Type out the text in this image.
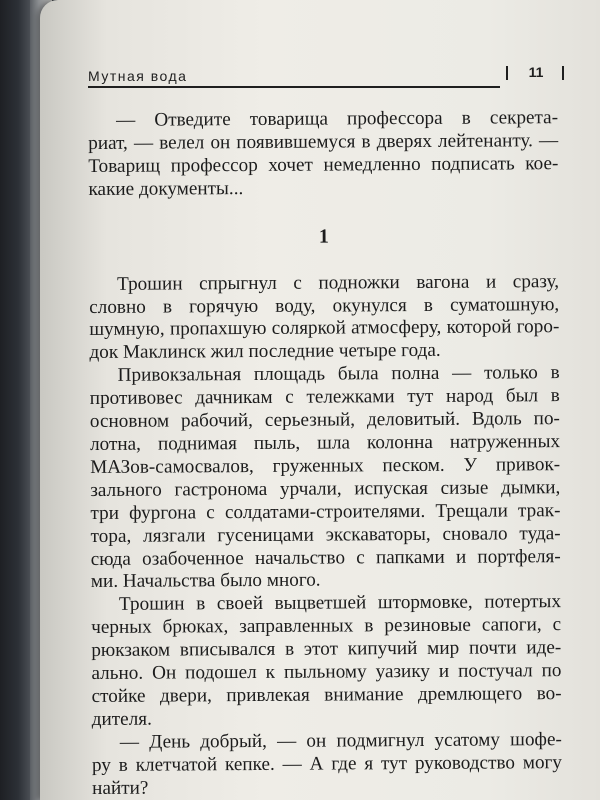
Мутная вода	11
— Отведите товарища профессора в секрета-
риат, — велел он появившемуся в дверях лейтенанту. —
Товарищ профессор хочет немедленно подписать кое-
какие документы...
1
Трошин спрыгнул с подножки вагона и сразу,
словно в горячую воду, окунулся в суматошную,
шумную, пропахшую соляркой атмосферу, которой горо-
док Маклинск жил последние четыре года.
Привокзальная площадь была полна — только в
противовес дачникам с тележками тут народ был в
основном рабочий, серьезный, деловитый. Вдоль по-
лотна, поднимая пыль, шла колонна натруженных
МАЗов-самосвалов, груженных песком. У привок-
зального гастронома урчали, испуская сизые дымки,
три фургона с солдатами-строителями. Трещали трак-
тора, лязгали гусеницами экскаваторы, сновало туда-
сюда озабоченное начальство с папками и портфеля-
ми. Начальства было много.
Трошин в своей выцветшей штормовке, потертых
черных брюках, заправленных в резиновые сапоги, с
рюкзаком вписывался в этот кипучий мир почти иде-
ально. Он подошел к пыльному уазику и постучал по
стойке двери, привлекая внимание дремлющего во-
дителя.
— День добрый, — он подмигнул усатому шофе-
ру в клетчатой кепке. — А где я тут руководство могу
найти?
